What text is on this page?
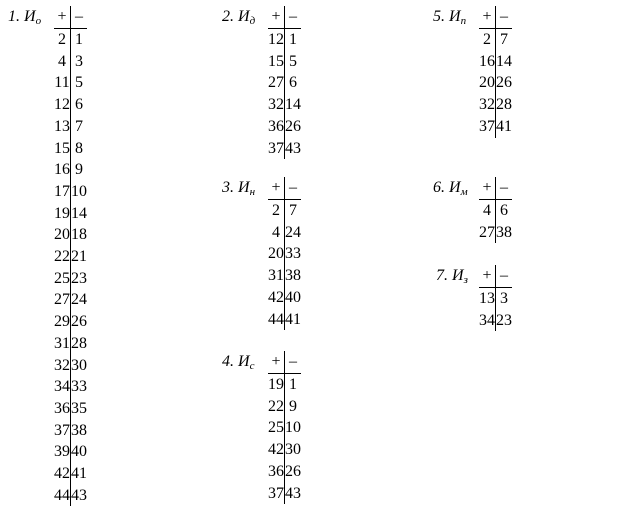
1. Ио +	–
2	1
4	3
11	5
12	6
13	7
15	8
16	9
17	10
19	14
20	18
22	21
25	23
27	24
29	26
31	28
32	30
34	33
36	35
37	38
39	40
42	41
44	43
2. Ид +	–
12	1
15	5
27	6
32	14
36	26
37	43
3. Ин +	–
2	7
4	24
20	33
31	38
42	40
44	41
4. Ис +	–
19	1
22	9
25	10
42	30
36	26
37	43
5. Ип +	–
2	7
16	14
20	26
32	28
37	41
6. Им +	–
4	6
27	38
7. Из +	–
13	3
34	23
